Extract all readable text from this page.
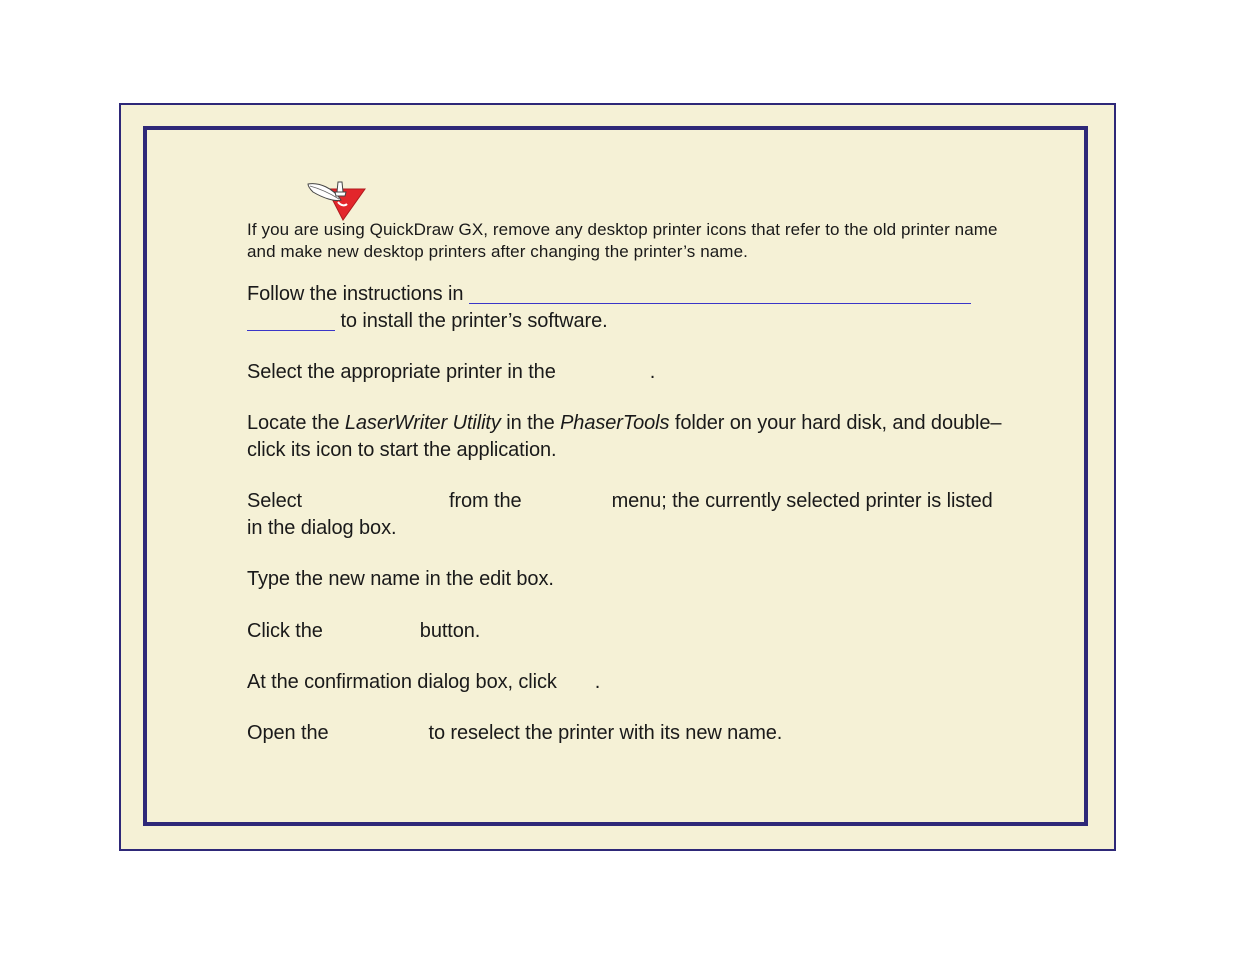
If you are using QuickDraw GX, remove any desktop printer icons that refer to the old printer name and make new desktop printers after changing the printer’s name.
Follow the instructions in
to install the printer’s software.
Select the appropriate printer in the	.
Locate the LaserWriter Utility in the PhaserTools folder on your hard disk, and double–click its icon to start the application.
Select	from the	menu; the currently selected printer is listed in the dialog box.
Type the new name in the edit box.
Click the	button.
At the confirmation dialog box, click .
Open the	to reselect the printer with its new name.
